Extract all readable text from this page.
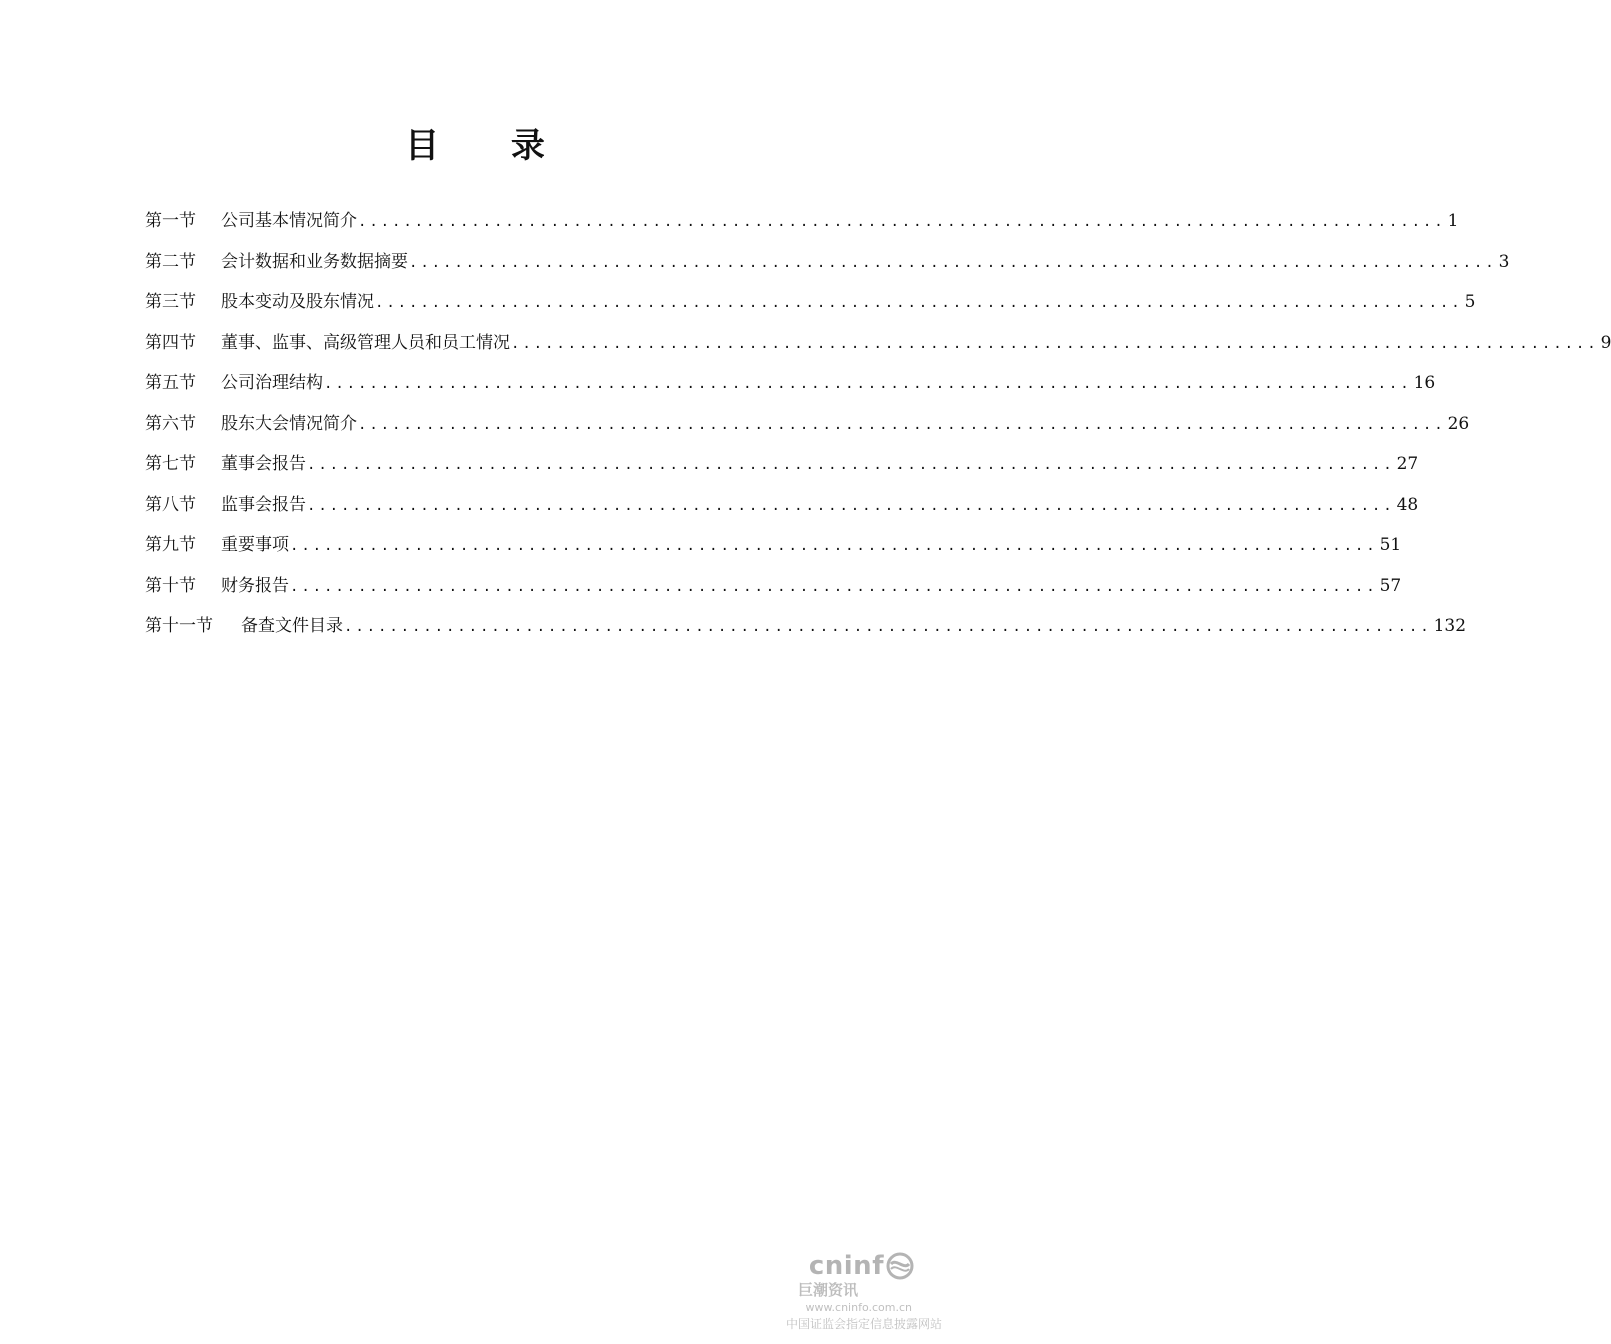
目 录
第一节	公司基本情况简介 ................................................................................................ 1
第二节	会计数据和业务数据摘要 ................................................................................................ 3
第三节	股本变动及股东情况 ................................................................................................ 5
第四节	董事、监事、高级管理人员和员工情况 ................................................................................................ 9
第五节	公司治理结构 ................................................................................................ 16
第六节	股东大会情况简介 ................................................................................................ 26
第七节	董事会报告 ................................................................................................ 27
第八节	监事会报告 ................................................................................................ 48
第九节	重要事项 ................................................................................................ 51
第十节	财务报告 ................................................................................................ 57
第十一节	备查文件目录 ................................................................................................ 132
cninf
巨潮资讯
www.cninfo.com.cn
中国证监会指定信息披露网站
